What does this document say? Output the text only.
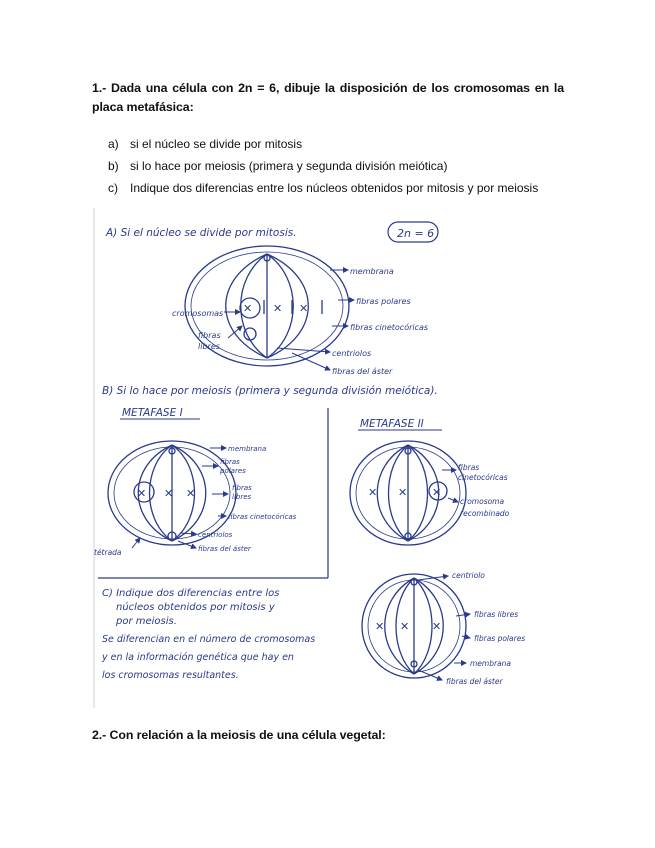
1.- Dada una célula con 2n = 6, dibuje la disposición de los cromosomas en la placa metafásica:
a) si el núcleo se divide por mitosis
b) si lo hace por meiosis (primera y segunda división meiótica)
c) Indique dos diferencias entre los núcleos obtenidos por mitosis y por meiosis
A) Si el núcleo se divide por mitosis.	2n = 6
✕ ✕ ✕
membrana
fibras polares
fibras cinetocóricas
cromosomas
fibras
libres
centriolos
fibras del áster
B) Si lo hace por meiosis (primera y segunda división meiótica).
METAFASE I
✕ ✕ ✕
membrana
fibras
polares
fibras
libres
fibras cinetocóricas
centriolos
fibras del áster
tétrada
METAFASE II
✕ ✕ ✕
fibras
cinetocóricas
cromosoma
recombinado
✕ ✕ ✕
centriolo
fibras libres
fibras polares
membrana
fibras del áster
C) Indique dos diferencias entre los
núcleos obtenidos por mitosis y
por meiosis.
Se diferencian en el número de cromosomas
y en la información genética que hay en
los cromosomas resultantes.
2.- Con relación a la meiosis de una célula vegetal:
